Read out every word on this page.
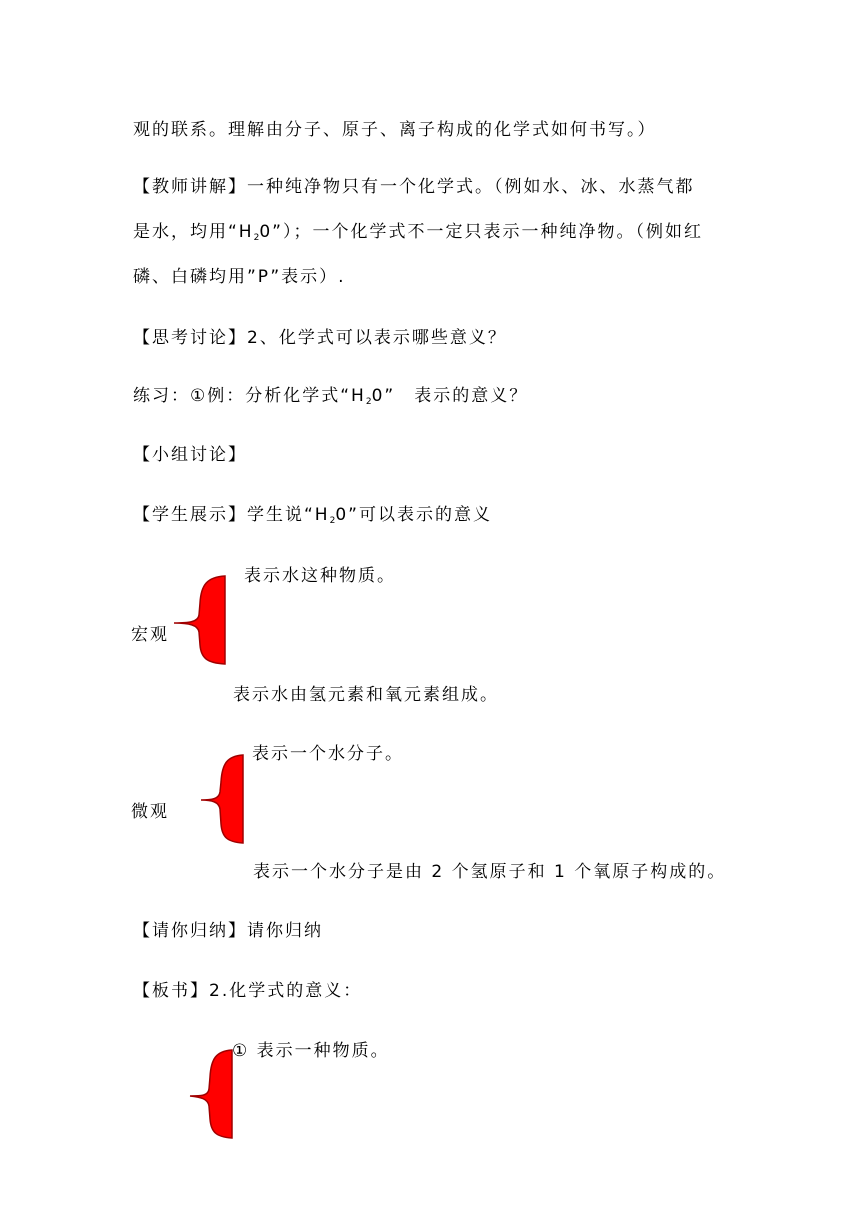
观的联系。理解由分子、原子、离子构成的化学式如何书写。）
【教师讲解】一种纯净物只有一个化学式。（例如水、冰、水蒸气都
是水，均用“$H_20$”）；一个化学式不一定只表示一种纯净物。（例如红
磷、白磷均用”P”表示）.
【思考讨论】2、化学式可以表示哪些意义？
练习：①例：分析化学式“$H_20$”　表示的意义？
【小组讨论】
【学生展示】学生说“$H_20$”可以表示的意义
表示水这种物质。
宏观
表示水由氢元素和氧元素组成。
表示一个水分子。
微观
表示一个水分子是由 2 个氢原子和 1 个氧原子构成的。
【请你归纳】请你归纳
【板书】2.化学式的意义：
① 表示一种物质。
